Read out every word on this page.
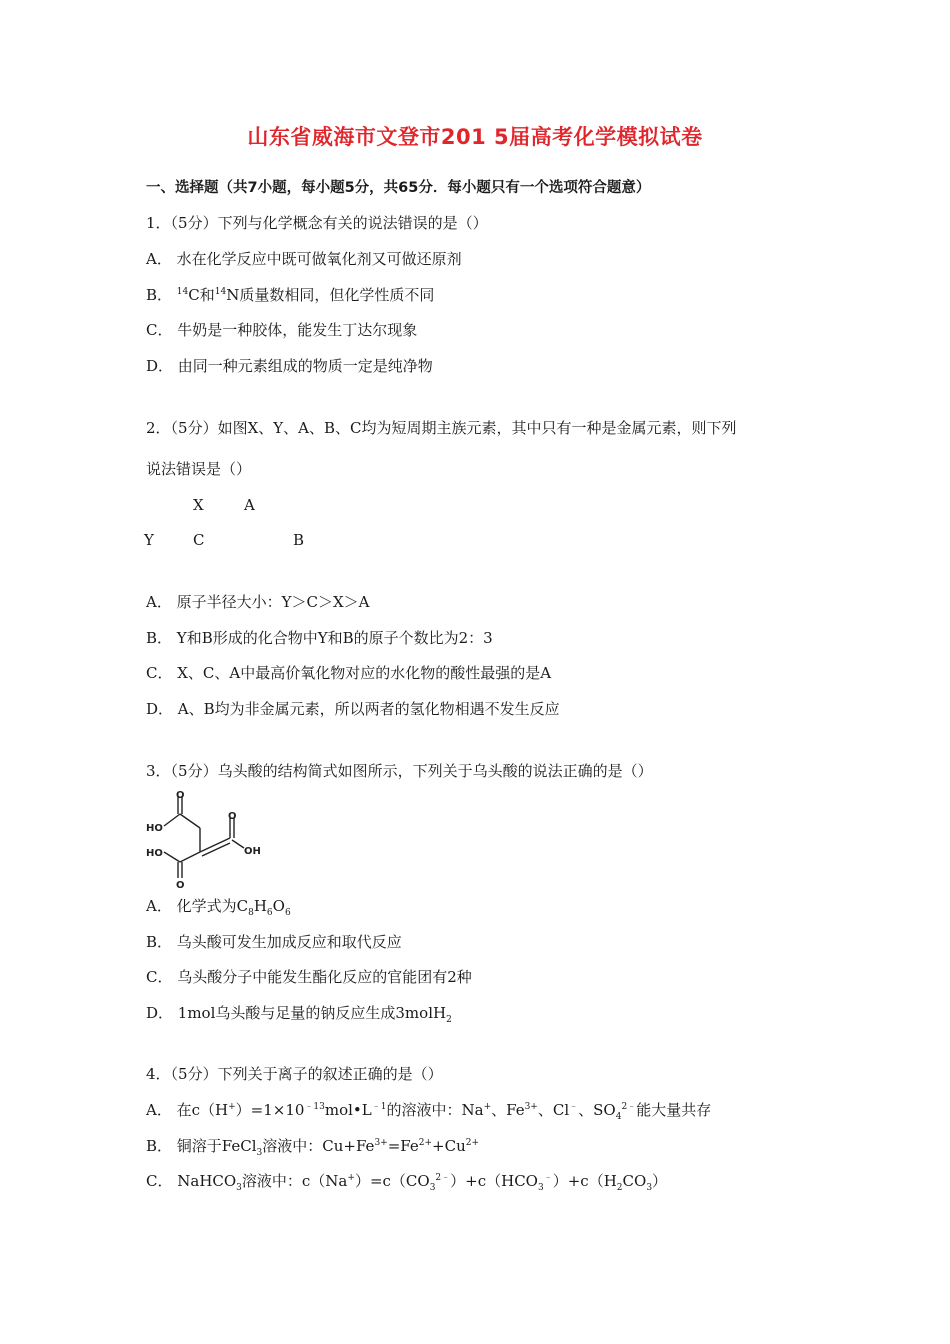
山东省威海市文登市201 5届高考化学模拟试卷
一、选择题（共7小题，每小题5分，共65分．每小题只有一个选项符合题意）
1．（5分）下列与化学概念有关的说法错误的是（）
A． 水在化学反应中既可做氧化剂又可做还原剂
B． $^{14}$C和$^{14}$N质量数相同，但化学性质不同
C． 牛奶是一种胶体，能发生丁达尔现象
D． 由同一种元素组成的物质一定是纯净物
2．（5分）如图X、Y、A、B、C均为短周期主族元素，其中只有一种是金属元素，则下列
说法错误是（）
X	A
Y	C	B
A． 原子半径大小：Y＞C＞X＞A
B． Y和B形成的化合物中Y和B的原子个数比为2：3
C． X、C、A中最高价氧化物对应的水化物的酸性最强的是A
D． A、B均为非金属元素，所以两者的氢化物相遇不发生反应
3．（5分）乌头酸的结构简式如图所示，下列关于乌头酸的说法正确的是（）
O
HO
O
HO	OH
O
A． 化学式为$C_8H_6O_6$
B． 乌头酸可发生加成反应和取代反应
C． 乌头酸分子中能发生酯化反应的官能团有2种
D． 1mol乌头酸与足量的钠反应生成3molH$_2$
4．（5分）下列关于离子的叙述正确的是（）
A． 在$c(H^+)=1\times 10^{﹣13}mol•L^{﹣1}$的溶液中：Na+、$Fe^{3+}$、Cl﹣、$SO_4^{2﹣}$能大量共存
B． 铜溶于FeCl$_3$溶液中：$Cu+Fe^{3+}=Fe^{2+}+Cu^{2+}$
C． NaHCO$_3$溶液中：$c(Na^+)=c(CO_3^{2﹣})+c(HCO_3^﹣)+c(H_2CO_3)$
